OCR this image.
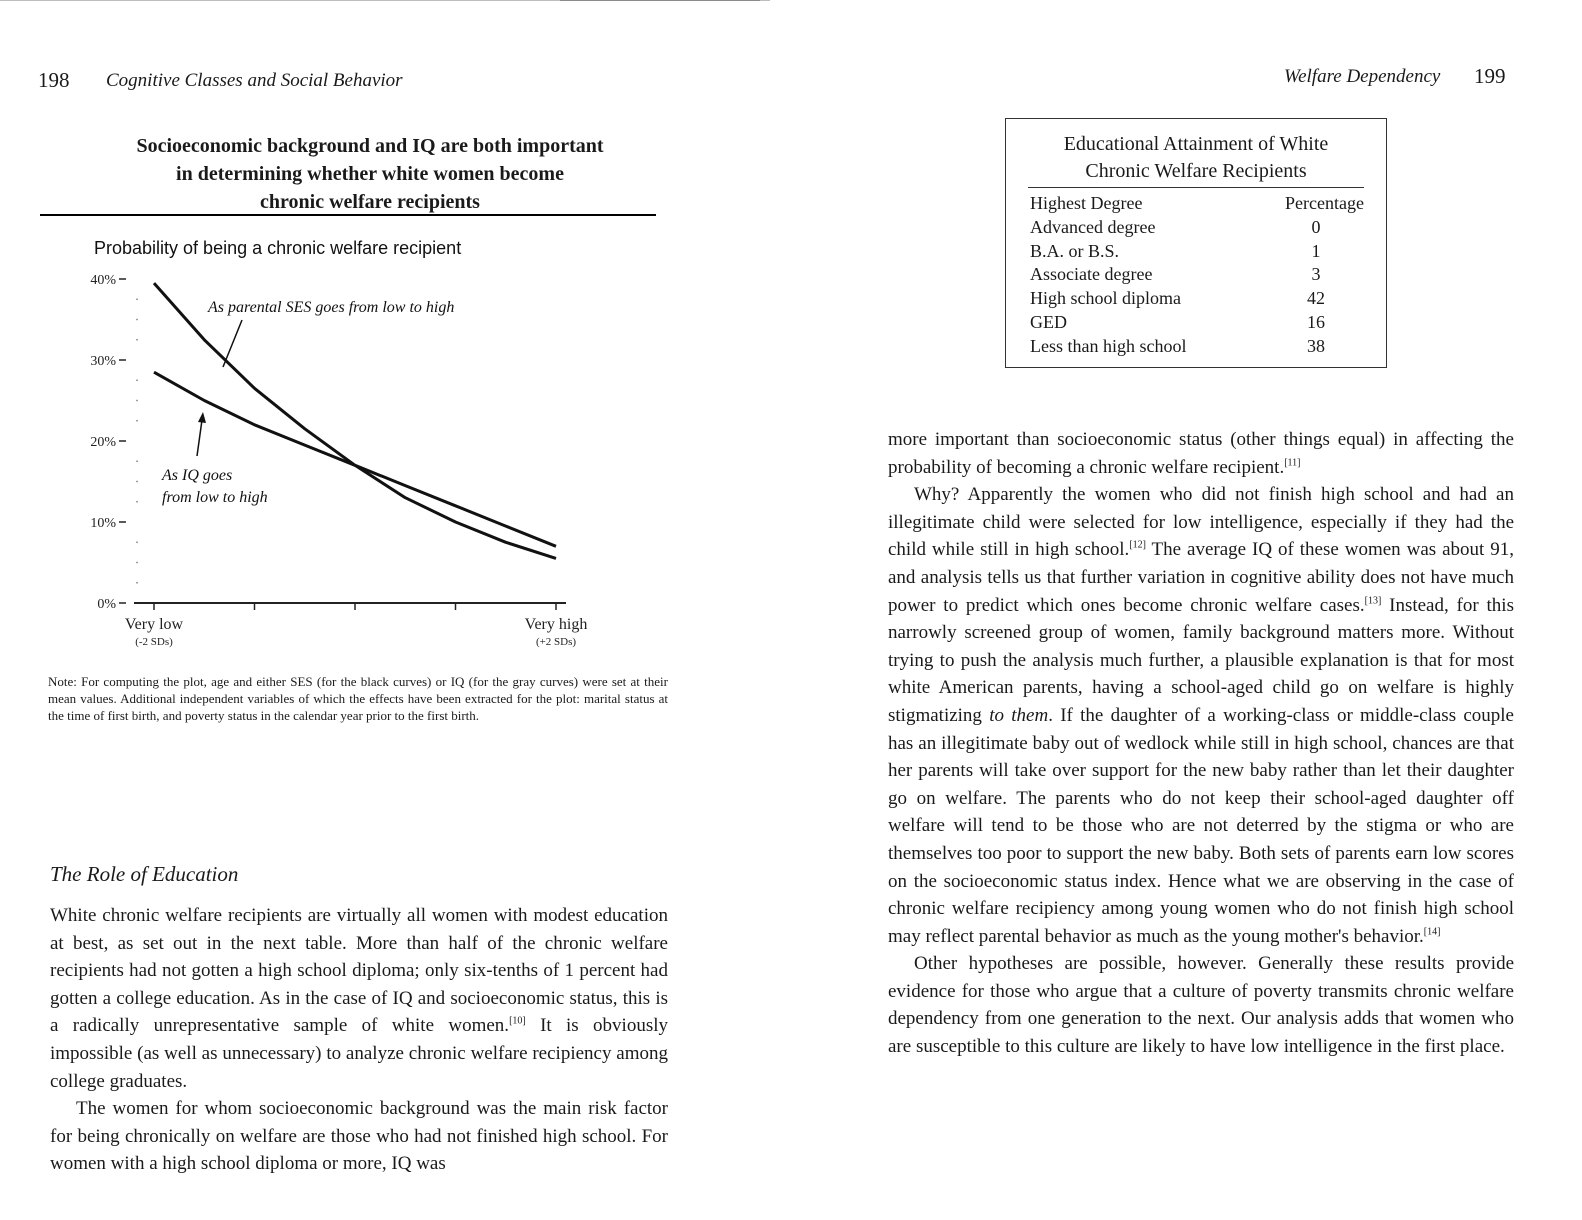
198 Cognitive Classes and Social Behavior
Socioeconomic background and IQ are both important
in determining whether white women become
chronic welfare recipients
Probability of being a chronic welfare recipient
0%
10%
20%
30%
40%
Very low
(-2 SDs)
Very high
(+2 SDs)
As parental SES goes from low to high
As IQ goes
from low to high

Note: For computing the plot, age and either SES (for the black curves) or IQ (for the gray curves) were set at their mean values. Additional independent variables of which the effects have been extracted for the plot: marital status at the time of first birth, and poverty status in the calendar year prior to the first birth.

The Role of Education

White chronic welfare recipients are virtually all women with modest education at best, as set out in the next table. More than half of the chronic welfare recipients had not gotten a high school diploma; only six-tenths of 1 percent had gotten a college education. As in the case of IQ and socioeconomic status, this is a radically unrepresentative sample of white women.[10] It is obviously impossible (as well as unnecessary) to analyze chronic welfare recipiency among college graduates.

The women for whom socioeconomic background was the main risk factor for being chronically on welfare are those who had not finished high school. For women with a high school diploma or more, IQ was

Welfare Dependency 199
Educational Attainment of White
Chronic Welfare Recipients
Highest Degree	Percentage
Advanced degree	0
B.A. or B.S.	1
Associate degree	3
High school diploma	42
GED	16
Less than high school	38

more important than socioeconomic status (other things equal) in affecting the probability of becoming a chronic welfare recipient.[11]

Why? Apparently the women who did not finish high school and had an illegitimate child were selected for low intelligence, especially if they had the child while still in high school.[12] The average IQ of these women was about 91, and analysis tells us that further variation in cognitive ability does not have much power to predict which ones become chronic welfare cases.[13] Instead, for this narrowly screened group of women, family background matters more. Without trying to push the analysis much further, a plausible explanation is that for most white American parents, having a school-aged child go on welfare is highly stigmatizing to them. If the daughter of a working-class or middle-class couple has an illegitimate baby out of wedlock while still in high school, chances are that her parents will take over support for the new baby rather than let their daughter go on welfare. The parents who do not keep their school-aged daughter off welfare will tend to be those who are not deterred by the stigma or who are themselves too poor to support the new baby. Both sets of parents earn low scores on the socioeconomic status index. Hence what we are observing in the case of chronic welfare recipiency among young women who do not finish high school may reflect parental behavior as much as the young mother's behavior.[14]

Other hypotheses are possible, however. Generally these results provide evidence for those who argue that a culture of poverty transmits chronic welfare dependency from one generation to the next. Our analysis adds that women who are susceptible to this culture are likely to have low intelligence in the first place.
